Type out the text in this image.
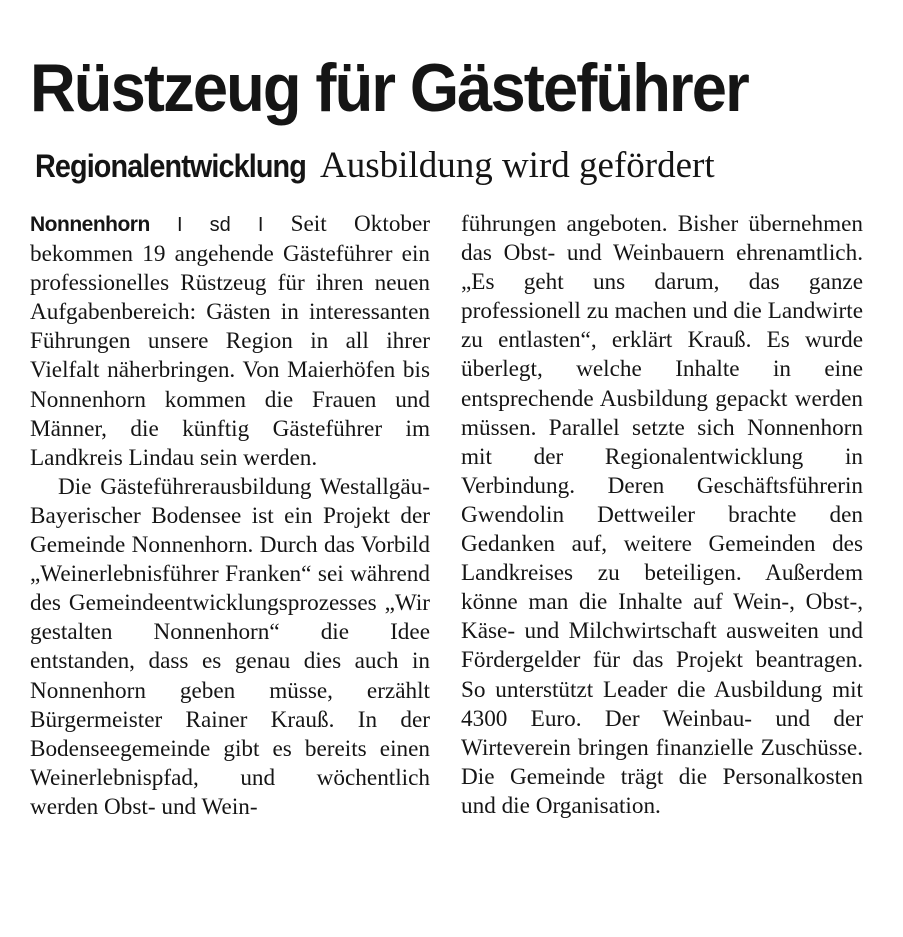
Rüstzeug für Gästeführer
Regionalentwicklung Ausbildung wird gefördert

Nonnenhorn I sd I Seit Oktober bekommen 19 angehende Gästeführer ein professionelles Rüstzeug für ihren neuen Aufgabenbereich: Gästen in interessanten Führungen unsere Region in all ihrer Vielfalt näherbringen. Von Maierhöfen bis Nonnenhorn kommen die Frauen und Männer, die künftig Gästeführer im Landkreis Lindau sein werden.

Die Gästeführerausbildung Westallgäu-Bayerischer Bodensee ist ein Projekt der Gemeinde Nonnenhorn. Durch das Vorbild „Weinerlebnisführer Franken“ sei während des Gemeindeentwicklungsprozesses „Wir gestalten Nonnenhorn“ die Idee entstanden, dass es genau dies auch in Nonnenhorn geben müsse, erzählt Bürgermeister Rainer Krauß. In der Bodenseegemeinde gibt es bereits einen Weinerlebnispfad, und wöchentlich werden Obst- und Wein-

führungen angeboten. Bisher übernehmen das Obst- und Weinbauern ehrenamtlich. „Es geht uns darum, das ganze professionell zu machen und die Landwirte zu entlasten“, erklärt Krauß. Es wurde überlegt, welche Inhalte in eine entsprechende Ausbildung gepackt werden müssen. Parallel setzte sich Nonnenhorn mit der Regionalentwicklung in Verbindung. Deren Geschäftsführerin Gwendolin Dettweiler brachte den Gedanken auf, weitere Gemeinden des Landkreises zu beteiligen. Außerdem könne man die Inhalte auf Wein-, Obst-, Käse- und Milchwirtschaft ausweiten und Fördergelder für das Projekt beantragen. So unterstützt Leader die Ausbildung mit 4300 Euro. Der Weinbau- und der Wirteverein bringen finanzielle Zuschüsse. Die Gemeinde trägt die Personalkosten und die Organisation.
